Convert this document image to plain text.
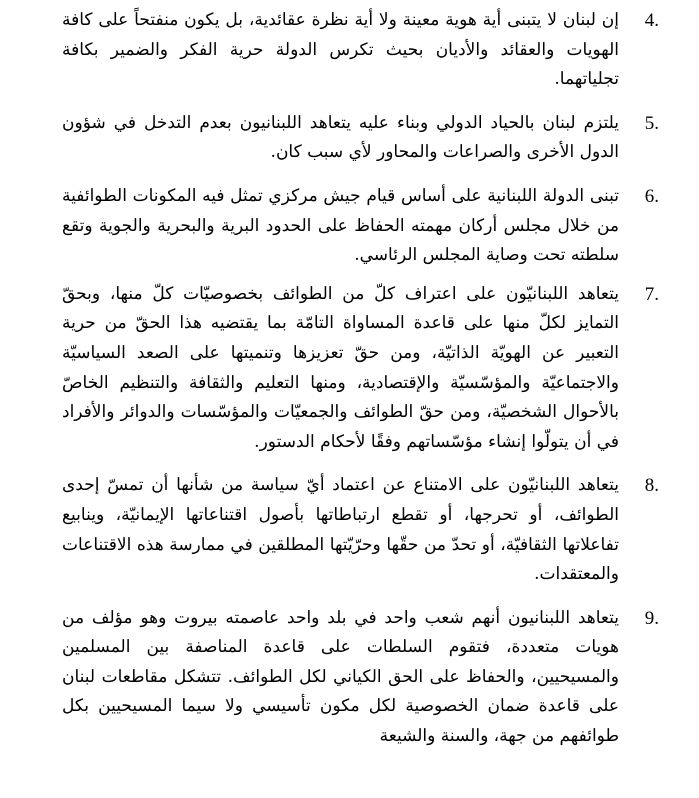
4.
إن لبنان لا يتبنى أية هوية معينة ولا أية نظرة عقائدية، بل يكون منفتحاً على كافة الهويات والعقائد والأديان بحيث تكرس الدولة حرية الفكر والضمير بكافة تجلياتهما.
5.
يلتزم لبنان بالحياد الدولي وبناء عليه يتعاهد اللبنانيون بعدم التدخل في شؤون الدول الأخرى والصراعات والمحاور لأي سبب كان.
6.
تبنى الدولة اللبنانية على أساس قيام جيش مركزي تمثل فيه المكونات الطوائفية من خلال مجلس أركان مهمته الحفاظ على الحدود البرية والبحرية والجوية وتقع سلطته تحت وصاية المجلس الرئاسي.
7.
يتعاهد اللبنانيّون على اعتراف كلّ من الطوائف بخصوصيّات كلّ منها، وبحقّ التمايز لكلّ منها على قاعدة المساواة التامّة بما يقتضيه هذا الحقّ من حرية التعبير عن الهويّة الذاتيّة، ومن حقّ تعزيزها وتنميتها على الصعد السياسيّة والاجتماعيّة والمؤسّسيّة والإقتصادية، ومنها التعليم والثقافة والتنظيم الخاصّ بالأحوال الشخصيّة، ومن حقّ الطوائف والجمعيّات والمؤسّسات والدوائر والأفراد في أن يتولّوا إنشاء مؤسّساتهم وفقًا لأحكام الدستور.
8.
يتعاهد اللبنانيّون على الامتناع عن اعتماد أيّ سياسة من شأنها أن تمسّ إحدى الطوائف، أو تحرجها، أو تقطع ارتباطاتها بأصول اقتناعاتها الإيمانيّة، وينابيع تفاعلاتها الثقافيّة، أو تحدّ من حقّها وحرّيّتها المطلقين في ممارسة هذه الاقتناعات والمعتقدات.
9.
يتعاهد اللبنانيون أنهم شعب واحد في بلد واحد عاصمته بيروت وهو مؤلف من هويات متعددة، فتقوم السلطات على قاعدة المناصفة بين المسلمين والمسيحيين، والحفاظ على الحق الكياني لكل الطوائف. تتشكل مقاطعات لبنان على قاعدة ضمان الخصوصية لكل مكون تأسيسي ولا سيما المسيحيين بكل طوائفهم من جهة، والسنة والشيعة
